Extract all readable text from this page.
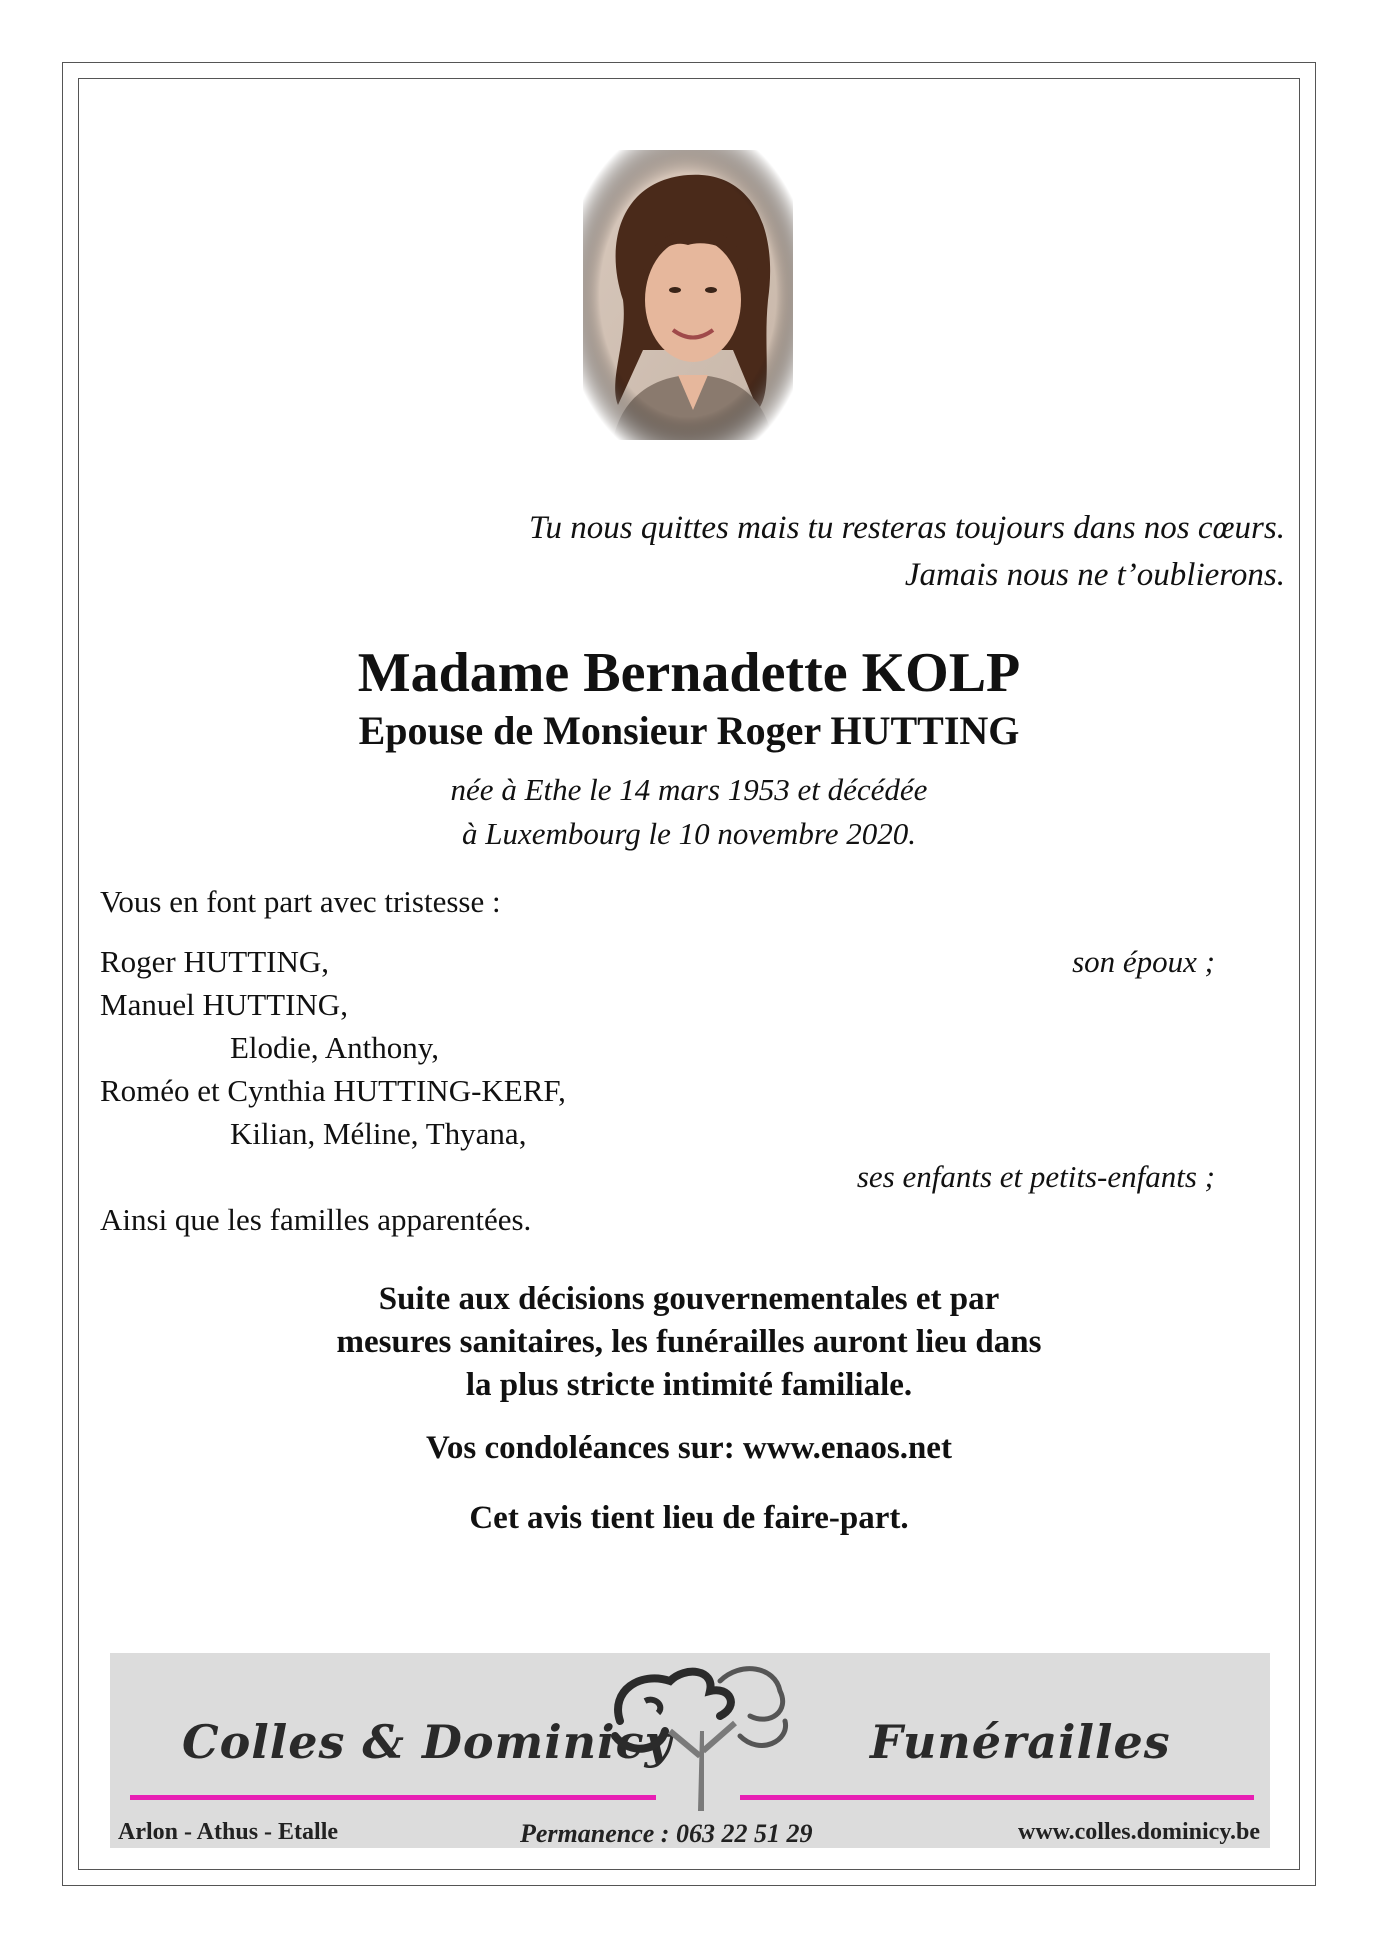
Tu nous quittes mais tu resteras toujours dans nos cœurs.
Jamais nous ne t’oublierons.
Madame Bernadette KOLP
Epouse de Monsieur Roger HUTTING
née à Ethe le 14 mars 1953 et décédée
à Luxembourg le 10 novembre 2020.
Vous en font part avec tristesse :
Roger HUTTING,	son époux ;
Manuel HUTTING,
Elodie, Anthony,
Roméo et Cynthia HUTTING-KERF,
Kilian, Méline, Thyana,
ses enfants et petits-enfants ;
Ainsi que les familles apparentées.
Suite aux décisions gouvernementales et par
mesures sanitaires, les funérailles auront lieu dans
la plus stricte intimité familiale.
Vos condoléances sur: www.enaos.net
Cet avis tient lieu de faire-part.
Colles & Dominicy	Funérailles
Arlon - Athus - Etalle	Permanence : 063 22 51 29	www.colles.dominicy.be
